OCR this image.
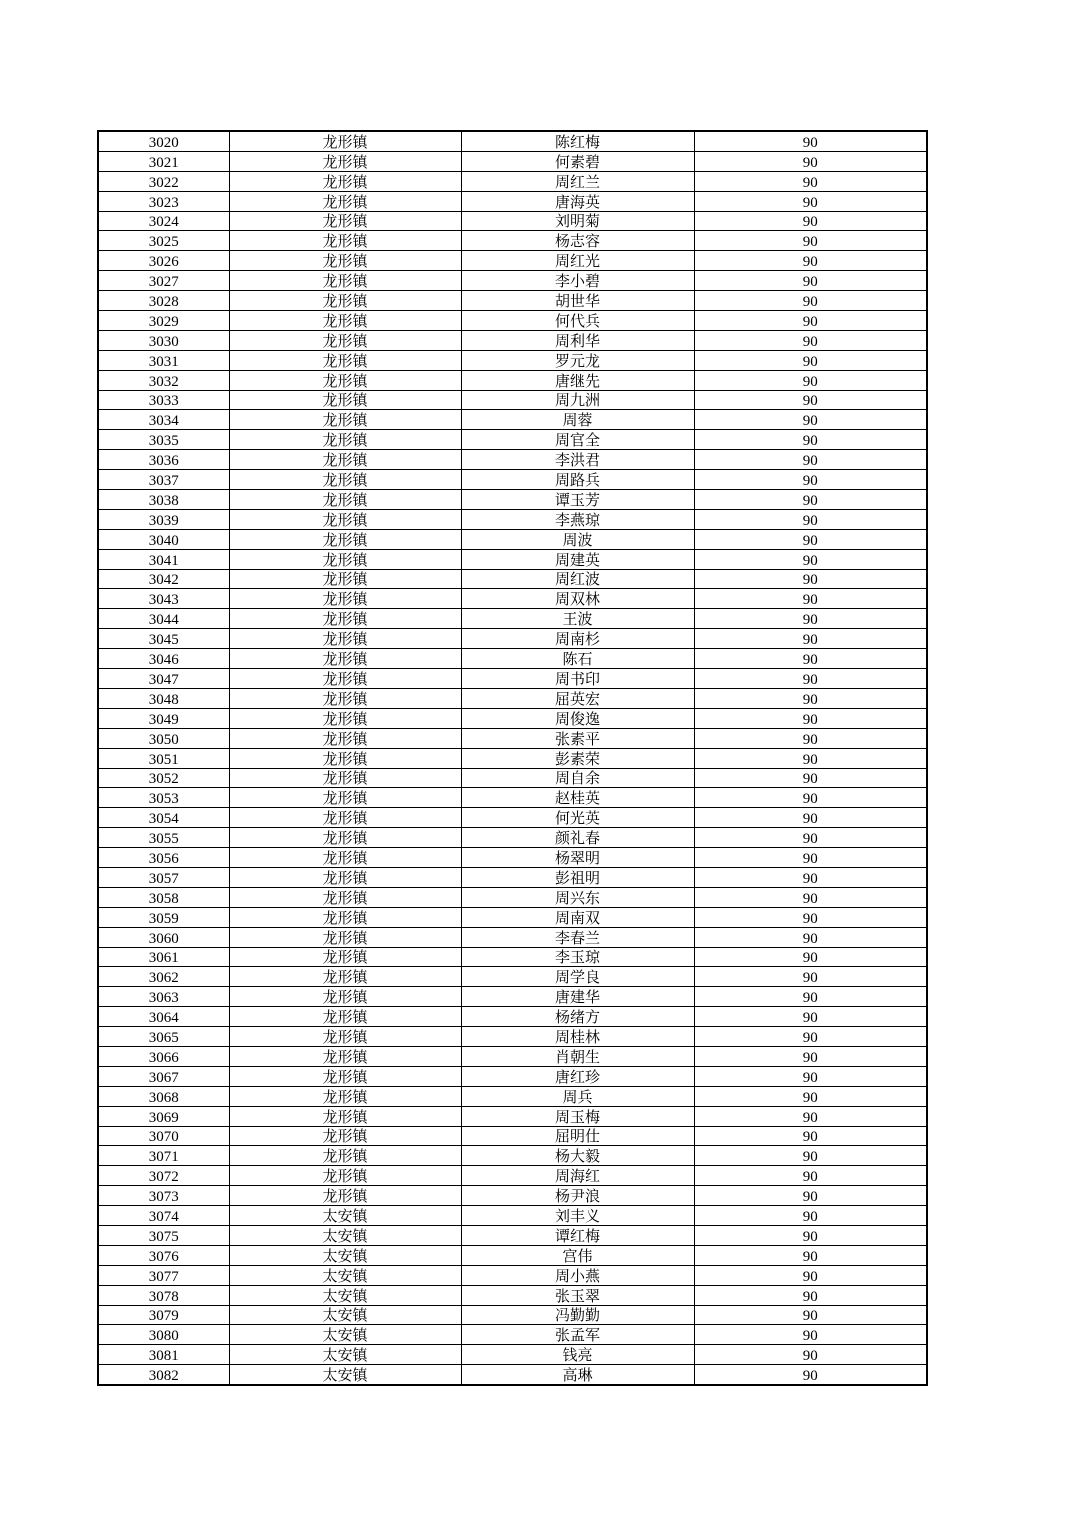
3020	龙形镇	陈红梅	90
3021	龙形镇	何素碧	90
3022	龙形镇	周红兰	90
3023	龙形镇	唐海英	90
3024	龙形镇	刘明菊	90
3025	龙形镇	杨志容	90
3026	龙形镇	周红光	90
3027	龙形镇	李小碧	90
3028	龙形镇	胡世华	90
3029	龙形镇	何代兵	90
3030	龙形镇	周利华	90
3031	龙形镇	罗元龙	90
3032	龙形镇	唐继先	90
3033	龙形镇	周九洲	90
3034	龙形镇	周蓉	90
3035	龙形镇	周官全	90
3036	龙形镇	李洪君	90
3037	龙形镇	周路兵	90
3038	龙形镇	谭玉芳	90
3039	龙形镇	李燕琼	90
3040	龙形镇	周波	90
3041	龙形镇	周建英	90
3042	龙形镇	周红波	90
3043	龙形镇	周双林	90
3044	龙形镇	王波	90
3045	龙形镇	周南杉	90
3046	龙形镇	陈石	90
3047	龙形镇	周书印	90
3048	龙形镇	屈英宏	90
3049	龙形镇	周俊逸	90
3050	龙形镇	张素平	90
3051	龙形镇	彭素荣	90
3052	龙形镇	周自余	90
3053	龙形镇	赵桂英	90
3054	龙形镇	何光英	90
3055	龙形镇	颜礼春	90
3056	龙形镇	杨翠明	90
3057	龙形镇	彭祖明	90
3058	龙形镇	周兴东	90
3059	龙形镇	周南双	90
3060	龙形镇	李春兰	90
3061	龙形镇	李玉琼	90
3062	龙形镇	周学良	90
3063	龙形镇	唐建华	90
3064	龙形镇	杨绪方	90
3065	龙形镇	周桂林	90
3066	龙形镇	肖朝生	90
3067	龙形镇	唐红珍	90
3068	龙形镇	周兵	90
3069	龙形镇	周玉梅	90
3070	龙形镇	屈明仕	90
3071	龙形镇	杨大毅	90
3072	龙形镇	周海红	90
3073	龙形镇	杨尹浪	90
3074	太安镇	刘丰义	90
3075	太安镇	谭红梅	90
3076	太安镇	宫伟	90
3077	太安镇	周小燕	90
3078	太安镇	张玉翠	90
3079	太安镇	冯勤勤	90
3080	太安镇	张孟军	90
3081	太安镇	钱亮	90
3082	太安镇	高琳	90
